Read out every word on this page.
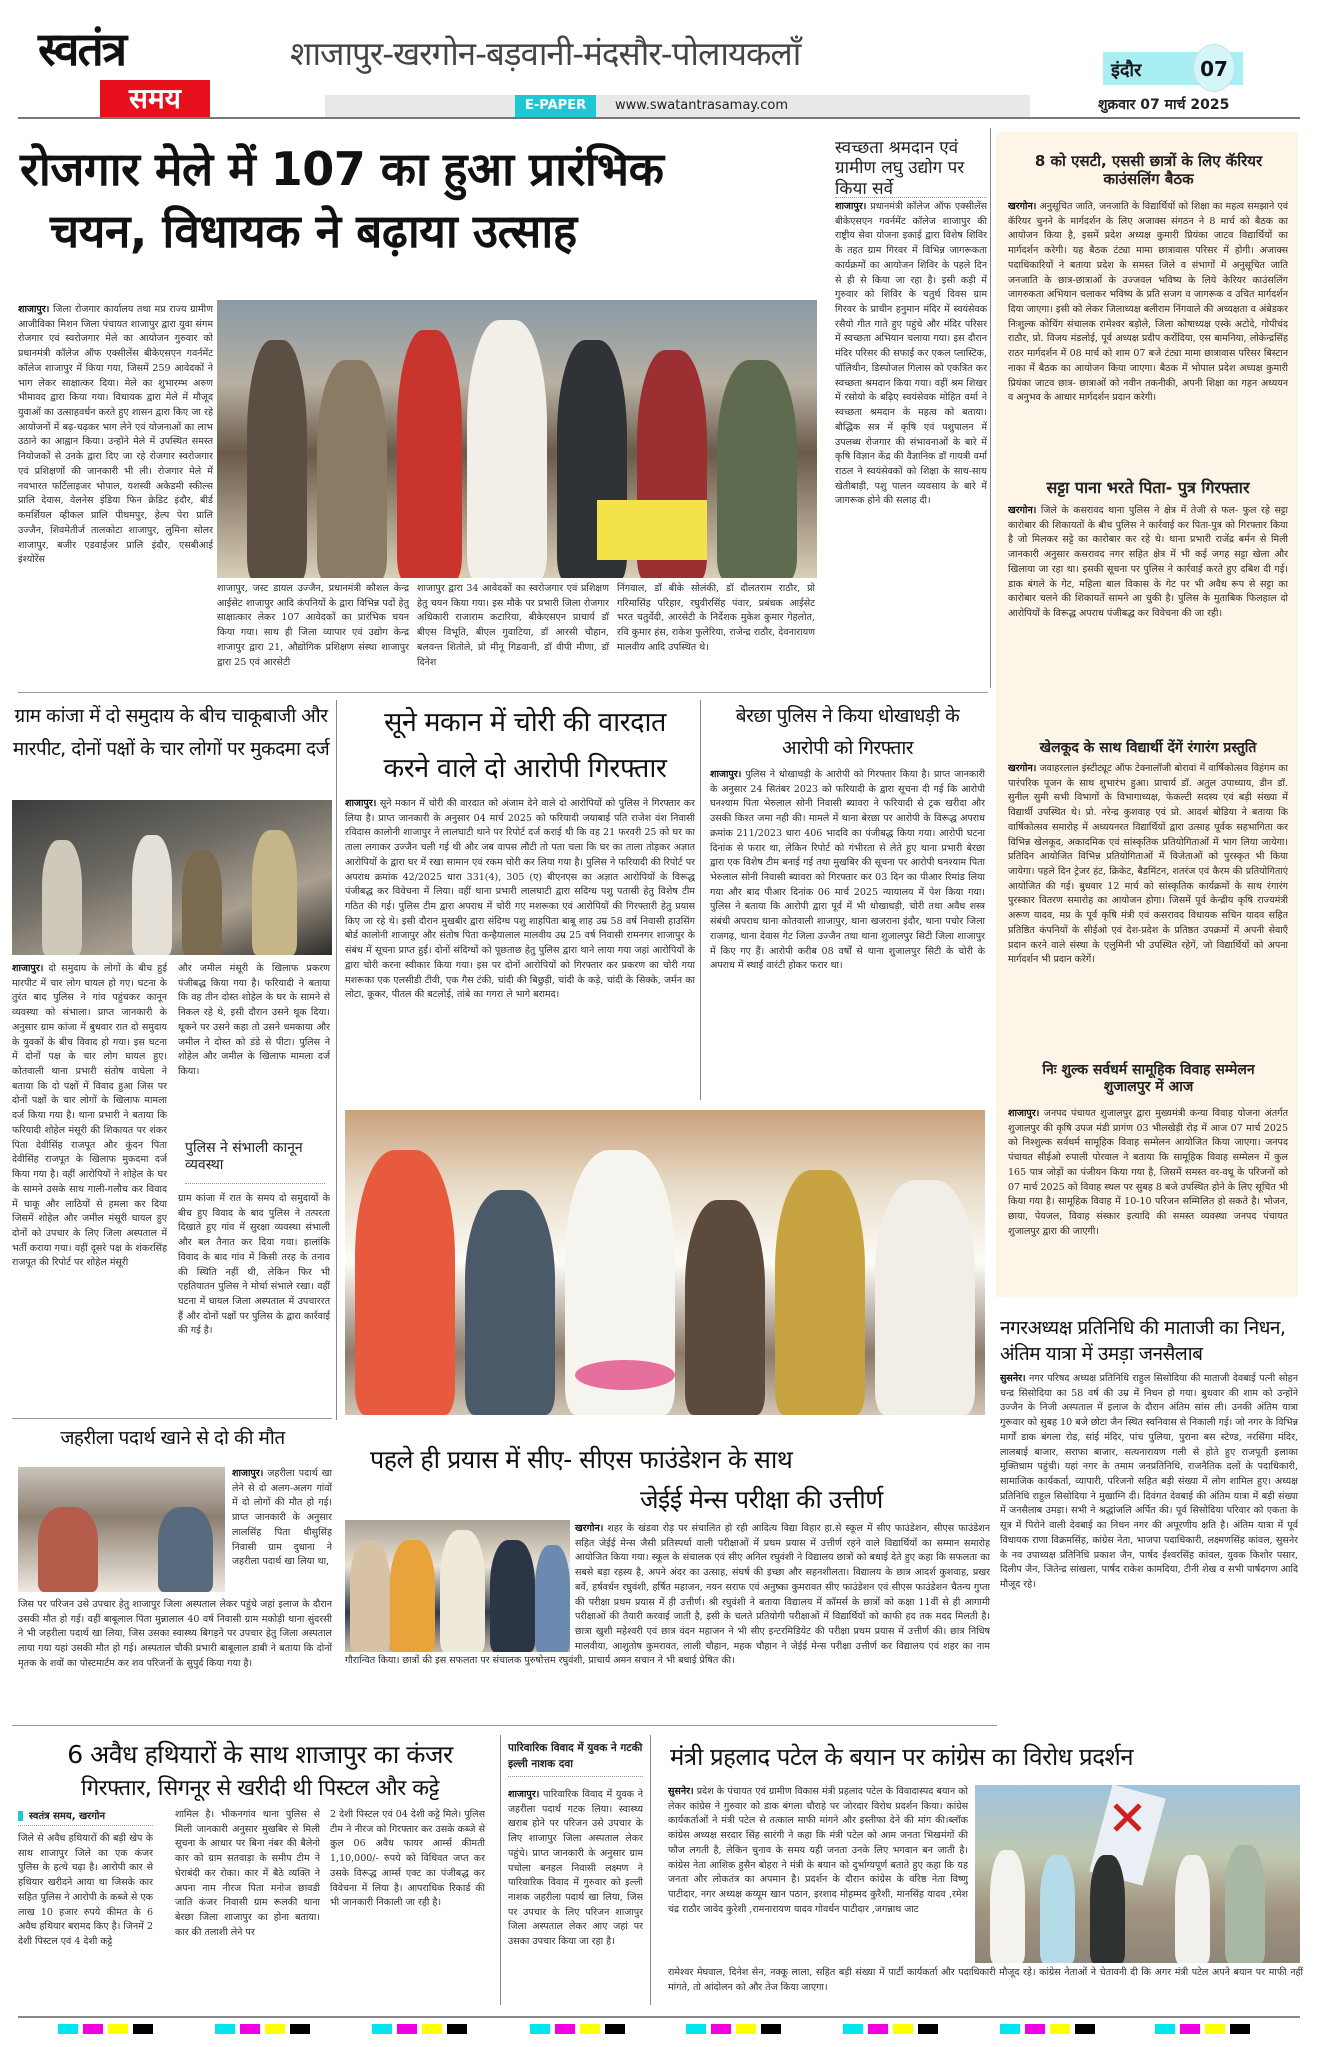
स्वतंत्र
समय
शाजापुर-खरगोन-बड़वानी-मंदसौर-पोलायकलाँ
E-PAPER	www.swatantrasamay.com
इंदौर	07
शुक्रवार 07 मार्च 2025
रोजगार मेले में 107 का हुआ प्रारंभिक
चयन, विधायक ने बढ़ाया उत्साह
शाजापुर। जिला रोजगार कार्यालय तथा मप्र राज्य ग्रामीण आजीविका मिशन जिला पंचायत शाजापुर द्वारा युवा संगम रोजगार एवं स्वरोजगार मेले का आयोजन गुरुवार को प्रधानमंत्री कॉलेज ऑफ एक्सीलेंस बीकेएसएन गवर्नमेंट कॉलेज शाजापुर में किया गया, जिसमें 259 आवेदकों ने भाग लेकर साक्षात्कर दिया। मेले का शुभारम्भ अरुण भीमावद द्वारा किया गया। विधायक द्वारा मेले में मौजूद युवाओं का उत्साहवर्धन करते हुए शासन द्वारा किए जा रहे आयोजनों में बढ़-चढ़कर भाग लेने एवं योजनाओं का लाभ उठाने का आह्वान किया। उन्होंने मेले में उपस्थित समस्त नियोजकों से उनके द्वारा दिए जा रहे रोजगार स्वरोजगार एवं प्रशिक्षणों की जानकारी भी ली। रोजगार मेले में नवभारत फर्टिलाइजर भोपाल, यशस्वी अकेडमी स्कील्स प्रालि देवास, वेलनेस इंडिया फिन क्रेडिट इंदौर, बीर्ड कमर्शियल व्हीकल प्रालि पीथमपुर, हेल्प पेरा प्रालि उज्जैन, शिवमेतीर्ज तालकोटा शाजापुर, लुमिना सोलर शाजापुर, बजीर एडवाईजर प्रालि इंदौर, एसबीआई इंश्योरेंस
शाजापुर, जस्ट डायल उज्जैन, प्रधानमंत्री कौशल केन्द्र आईसेट शाजापुर आदि कंपनियों के द्वारा विभिन्न पदों हेतु साक्षात्कार लेकर 107 आवेदकों का प्रारंभिक चयन किया गया। साथ ही जिला व्यापार एवं उद्योग केन्द्र शाजापुर द्वारा 21, औद्योगिक प्रशिक्षण संस्था शाजापुर द्वारा 25 एवं आरसेटी
शाजापुर द्वारा 34 आवेदकों का स्वरोजगार एवं प्रशिक्षण हेतु चयन किया गया। इस मौके पर प्रभारी जिला रोजगार अधिकारी राजाराम कटारिया, बीकेएसएन प्राचार्य डॉ बीएस विभूति, बीएल गुवाटिया, डॉ आरसी चौहान, बलवन्त शितोले, प्रो मीनू गिडवानी, डॉ वीपी मीणा, डॉ दिनेश
निंगवाल, डॉ बीके सोलंकी, डॉ दौलतराम राठौर, प्रो गरिमासिंह परिहार, रघुवीरसिंह पंवार, प्रबंधक आईसेट भरत चतुर्वेदी, आरसेटी के निर्देशक मुकेश कुमार गेहलोत, रवि कुमार हंस, राकेश फुलेरिया, राजेन्द्र राठौर, देवनारायण मालवीय आदि उपस्थित थे।
स्वच्छता श्रमदान एवं ग्रामीण लघु उद्योग पर किया सर्वे
शाजापुर। प्रधानमंत्री कॉलेज ऑफ एक्सीलेंस बीकेएसएन गवर्नमेंट कॉलेज शाजापुर की राष्ट्रीय सेवा योजना इकाई द्वारा विशेष शिविर के तहत ग्राम गिरवर में विभिन्न जागरूकता कार्यक्रमों का आयोजन शिविर के पहले दिन से ही से किया जा रहा है। इसी कड़ी में गुरुवार को शिविर के चतुर्थ दिवस ग्राम गिरवर के प्राचीन हनुमान मंदिर में स्वयंसेवक रसैयो गीत गाते हुए पहुंचे और मंदिर परिसर में स्वच्छता अभियान चलाया गया। इस दौरान मंदिर परिसर की सफाई कर एकल प्लास्टिक, पॉलिथीन, डिस्पोजल गिलास को एकत्रित कर स्वच्छता श्रमदान किया गया। वहीं श्रम शिखर में रसोयो के बढ़िए स्वयंसेवक मोहित वर्मा ने स्वच्छता श्रमदान के महत्व को बताया। बौद्धिक सत्र में कृषि एवं पशुपालन में उपलब्ध रोजगार की संभावनाओं के बारे में कृषि विज्ञान केंद्र की वैज्ञानिक डॉ गायत्री वर्मा राठल ने स्वयंसेवकों को शिक्षा के साथ-साथ खेतीबाड़ी, पशु पालन व्यवसाय के बारे में जागरूक होने की सलाह दी।
8 को एसटी, एससी छात्रों के लिए कॅरियर काउंसलिंग बैठक
खरगोन। अनुसूचित जाति, जनजाति के विद्यार्थियों को शिक्षा का महत्व समझाने एवं कॅरियर चुनने के मार्गदर्शन के लिए अजाक्स संगठन ने 8 मार्च को बैठक का आयोजन किया है, इसमें प्रदेश अध्यक्ष कुमारी प्रियंका जाटव विद्यार्थियों का मार्गदर्शन करेगी। यह बैठक टंट्या मामा छात्रावास परिसर में होगी। अजाक्स पदाधिकारियों ने बताया प्रदेश के समस्त जिले व संभागों में अनुसूचित जाति जनजाति के छात्र-छात्राओं के उज्जवल भविष्य के लिये केरियर काउंसलिंग जागरुकता अभियान चलाकर भविष्य के प्रति सजग व जागरूक व उचित मार्गदर्शन दिया जाएगा। इसी को लेकर जिलाध्यक्ष बलीराम निंगवाले की अध्यक्षता व अंबेडकर निःशुल्क कोचिंग संचालक रामेश्वर बड़ोले, जिला कोषाध्यक्ष एस्के अटोदे, गोपीचंद राठौर, प्रो. विजय मंडलोई, पूर्व अध्यक्ष प्रदीप करोंदिया, एस बामनिया, लोकेन्द्रसिंह राठर मार्गदर्शन में 08 मार्च को शाम 07 बजे टंट्या मामा छात्रावास परिसर बिस्टान नाका में बैठक का आयोजन किया जाएगा। बैठक में भोपाल प्रदेश अध्यक्ष कुमारी प्रियंका जाटव छात्र- छात्राओं को नवीन तकनीकी, अपनी शिक्षा का गहन अध्ययन व अनुभव के आधार मार्गदर्शन प्रदान करेगी।
सट्टा पाना भरते पिता- पुत्र गिरफ्तार
खरगोन। जिले के कसरावद थाना पुलिस ने क्षेत्र में तेजी से फल- फुल रहे सट्टा कारोबार की शिकायतों के बीच पुलिस ने कार्रवाई कर पिता-पुत्र को गिरफ्तार किया है जो मिलकर सट्टे का कारोबार कर रहे थे। थाना प्रभारी राजेंद्र बर्मन से मिली जानकारी अनुसार कसरावद नगर सहित क्षेत्र में भी कई जगह सट्टा खेला और खिलाया जा रहा था। इसकी सूचना पर पुलिस ने कार्रवाई करते हुए दबिश दी गई। डाक बंगले के गेट, महिला बाल विकास के गेट पर भी अवैध रूप से सट्टा का कारोबार चलने की शिकायतें सामने आ चुकी है। पुलिस के मुताबिक फिलहाल दो आरोपियों के विरूद्ध अपराध पंजीबद्ध कर विवेचना की जा रही।
खेलकूद के साथ विद्यार्थी देंगें रंगारंग प्रस्तुति
खरगोन। जवाहरलाल इंस्टीट्यूट ऑफ टेक्नालॉजी बोरावां में वार्षिकोत्सव विहंगम का पारंपरिक पूजन के साथ शुभारंभ हुआ। प्राचार्य डॉ. अतुल उपाध्याय, डीन डॉ. सुनील सुमी सभी विभागों के विभागाध्यक्ष, फेकल्टी सदस्य एवं बड़ी संख्या में विद्यार्थी उपस्थित थे। प्रो. नरेन्द्र कुशवाह एवं प्रो. आदर्श बोडिया ने बताया कि वार्षिकोत्सव समारोह में अध्ययनरत विद्यार्थियों द्वारा उत्साह पूर्वक सहभागिता कर विभिन्न खेलकूद, अकादमिक एवं सांस्कृतिक प्रतियोगिताओं में भाग लिया जायेगा। प्रतिदिन आयोजित विभिन्न प्रतियोगिताओं में विजेताओं को पुरस्कृत भी किया जायेगा। पहले दिन ट्रेजर हंट, क्रिकेट, बैडमिंटन, शतरंज एवं कैरम की प्रतियोगिताएं आयोजित की गई। बुधवार 12 मार्च को सांस्कृतिक कार्यक्रमों के साथ रंगारंग पुरस्कार वितरण समारोह का आयोजन होगा। जिसमें पूर्व केन्द्रीय कृषि राज्यमंत्री अरूण यादव, मप्र के पूर्व कृषि मंत्री एवं कसरावद विधायक सचिन यादव सहित प्रतिष्ठित कंपनियों के सीईओ एवं देश-प्रदेश के प्रतिष्ठत उपक्रमों में अपनी सेवाएँ प्रदान करने वाले संस्था के एलुमिनी भी उपस्थित रहेगें, जो विद्यार्थियों को अपना मार्गदर्शन भी प्रदान करेगें।
निः शुल्क सर्वधर्म सामूहिक विवाह सम्मेलन शुजालपुर में आज
शाजापुर। जनपद पंचायत शुजालपुर द्वारा मुख्यमंत्री कन्या विवाह योजना अंतर्गत शुजालपुर की कृषि उपज मंडी प्रागंण 03 भीलखेड़ी रोड़ में आज 07 मार्च 2025 को निश्शुल्क सर्वधर्म सामूहिक विवाह सम्मेलन आयोजित किया जाएगा। जनपद पंचायत सीईओ रुपाली पोरवाल ने बताया कि सामूहिक विवाह सम्मेलन में कुल 165 पात्र जोड़ों का पंजीयन किया गया है, जिसमें समस्त वर-वधू के परिजनों को 07 मार्च 2025 को विवाह स्थल पर सुबह 8 बजे उपस्थित होने के लिए सूचित भी किया गया है। सामूहिक विवाह में 10-10 परिजन सम्मिलित हो सकते है। भोजन, छाया, पेयजल, विवाह संस्कार इत्यादि की समस्त व्यवस्था जनपद पंचायत शुजालपुर द्वारा की जाएगी।
नगरअध्यक्ष प्रतिनिधि की माताजी का निधन, अंतिम यात्रा में उमड़ा जनसैलाब
सुसनेर। नगर परिषद अध्यक्ष प्रतिनिधि राहुल सिसोदिया की माताजी देवबाई पत्नी सोहन चन्द्र सिसोदिया का 58 वर्ष की उम्र में निधन हो गया। बुधवार की शाम को उन्होंने उज्जैन के निजी अस्पताल में इलाज के दौरान अंतिम सांस ली। उनकी अंतिम यात्रा गुरूवार को सुबह 10 बजे छोटा जैन स्थित स्वनिवास से निकाली गई। जो नगर के विभिन्न मार्गों डाक बंगला रोड, सांई मंदिर, पांच पुलिया, पुराना बस स्टेण्ड, नरसिंगा मंदिर, लालबाई बाजार, सराफा बाजार, सत्यनारायण गली से होते हुए राजपूती इलाका मुक्तिधाम पहुंची। यहां नगर के तमाम जनप्रतिनिधि, राजनैतिक दलों के पदाधिकारी, सामाजिक कार्यकर्ता, व्यापारी, परिजनो सहित बड़ी संख्या में लोग शामिल हुए। अध्यक्ष प्रतिनिधि राहुल सिसोदिया ने मुखाग्नि दी। दिवंगत देवबाई की अंतिम यात्रा में बड़ी संख्या में जनसैलाब उमड़ा। सभी ने श्रद्धांजलि अर्पित की। पूर्व सिसोदिया परिवार को एकता के सूत्र में पिरोने वाली देवबाई का निधन नगर की अपूरणीय क्षति है। अंतिम यात्रा में पूर्व विधायक राणा विक्रमसिंह, कांग्रेस नेता, भाजपा पदाधिकारी, लक्ष्मणसिंह कांवल, सुसनेर के नव उपाध्यक्ष प्रतिनिधि प्रकाश जैन, पार्षद ईश्वरसिंह कांवल, युवक किशोर पसार, दिलीप जैन, जितेन्द्र सांखला, पार्षद राकेश कामदिया, टीनी शेख व सभी पार्षदगण आदि मौजूद रहे।
ग्राम कांजा में दो समुदाय के बीच चाकूबाजी और मारपीट, दोनों पक्षों के चार लोगों पर मुकदमा दर्ज
शाजापुर। दो समुदाय के लोगों के बीच हुई मारपीट में चार लोग घायल हो गए। घटना के तुरंत बाद पुलिस ने गांव पहुंचकर कानून व्यवस्था को संभाला। प्राप्त जानकारी के अनुसार ग्राम कांजा में बुधवार रात दो समुदाय के युवकों के बीच विवाद हो गया। इस घटना में दोनों पक्ष के चार लोग घायल हुए। कोतवाली थाना प्रभारी संतोष वाघेला ने बताया कि दो पक्षों में विवाद हुआ जिस पर दोनों पक्षों के चार लोगों के खिलाफ मामला दर्ज किया गया है। थाना प्रभारी ने बताया कि फरियादी शोहेल मंसूरी की शिकायत पर शंकर पिता देवीसिंह राजपूत और कुंदन पिता देवीसिंह राजपूत के खिलाफ मुकदमा दर्ज किया गया है। वहीं आरोपियों ने शोहेल के घर के सामने उसके साथ गाली-गलौच कर विवाद में चाकू और लाठियों से हमला कर दिया जिसमें शोहेल और जमील मंसूरी घायल हुए दोनों को उपचार के लिए जिला अस्पताल में भर्ती कराया गया। वहीं दूसरे पक्ष के शंकरसिंह राजपूत की रिपोर्ट पर शोहेल मंसूरी
और जमील मंसूरी के खिलाफ प्रकरण पंजीबद्ध किया गया है। फरियादी ने बताया कि वह तीन दोस्त शोहेल के घर के सामने से निकल रहे थे, इसी दौरान उसने थूक दिया। थूकने पर उसने कहा तो उसने धमकाया और जमील ने दोस्त को डंडे से पीटा। पुलिस ने शोहेल और जमील के खिलाफ मामला दर्ज किया।
पुलिस ने संभाली कानून व्यवस्था
ग्राम कांजा में रात के समय दो समुदायों के बीच हुए विवाद के बाद पुलिस ने तत्परता दिखाते हुए गांव में सुरक्षा व्यवस्था संभाली और बल तैनात कर दिया गया। हालांकि विवाद के बाद गांव में किसी तरह के तनाव की स्थिति नहीं थी, लेकिन फिर भी एहतियातन पुलिस ने मोर्चा संभाले रखा। वहीं घटना में घायल जिला अस्पताल में उपचाररत हैं और दोनों पक्षों पर पुलिस के द्वारा कार्रवाई की गई है।
सूने मकान में चोरी की वारदात
करने वाले दो आरोपी गिरफ्तार
शाजापुर। सूने मकान में चोरी की वारदात को अंजाम देने वाले दो आरोपियों को पुलिस ने गिरफ्तार कर लिया है। प्राप्त जानकारी के अनुसार 04 मार्च 2025 को फरियादी जयाबाई पति राजेश वंश निवासी रविदास कालोनी शाजापुर ने लालघाटी थाने पर रिपोर्ट दर्ज कराई थी कि वह 21 फरवरी 25 को घर का ताला लगाकर उज्जैन चली गई थी और जब वापस लौटी तो पता चला कि घर का ताला तोड़कर अज्ञात आरोपियों के द्वारा घर में रखा सामान एवं रकम चोरी कर लिया गया है। पुलिस ने फरियादी की रिपोर्ट पर अपराध क्रमांक 42/2025 धारा 331(4), 305 (ए) बीएनएस का अज्ञात आरोपियों के विरूद्ध पंजीबद्ध कर विवेचना में लिया। वहीं थाना प्रभारी लालघाटी द्वारा सदिग्ध पशु पतासी हेतु विशेष टीम गठित की गई। पुलिस टीम द्वारा अपराध में चोरी गए मशरूका एवं आरोपियों की गिरफ्तारी हेतु प्रयास किए जा रहे थे। इसी दौरान मुखबीर द्वारा संदिग्ध पशु शाहपिता बाबू शाह उम्र 58 वर्ष निवासी हाउसिंग बोर्ड कालोनी शाजापुर और संतोष पिता कन्हैयालाल मालवीय उम्र 25 वर्ष निवासी रामनगर शाजापुर के संबंध में सूचना प्राप्त हुई। दोनों संदिग्धों को पूछताछ हेतु पुलिस द्वारा थाने लाया गया जहां आरोपियों के द्वारा चोरी करना स्वीकार किया गया। इस पर दोनों आरोपियों को गिरफ्तार कर प्रकरण का चोरी गया मशरूका एक एलसीडी टीवी, एक गैस टंकी, चांदी की बिछुड़ी, चांदी के कड़े, चांदी के सिक्के, जर्मन का लोटा, कूकर, पीतल की बटलोई, तांबे का गगरा ले भागे बरामद।
बेरछा पुलिस ने किया धोखाधड़ी के आरोपी को गिरफ्तार
शाजापुर। पुलिस ने धोखाधड़ी के आरोपी को गिरफ्तार किया है। प्राप्त जानकारी के अनुसार 24 सितंबर 2023 को फरियादी के द्वारा सूचना दी गई कि आरोपी घनश्याम पिता भेरुलाल सोनी निवासी ब्यावरा ने फरियादी से ट्रक खरीदा और उसकी किश्त जमा नही की। मामले में थाना बेरछा पर आरोपी के विरूद्ध अपराध क्रमांक 211/2023 धारा 406 भादवि का पंजीबद्ध किया गया। आरोपी घटना दिनांक से फरार था, लेकिन रिपोर्ट को गंभीरता से लेते हुए थाना प्रभारी बेरछा द्वारा एक विशेष टीम बनाई गई तथा मुखबिर की सूचना पर आरोपी घनश्याम पिता भेरुलाल सोनी निवासी ब्यावरा को गिरफ्तार कर 03 दिन का पीआर रिमांड लिया गया और बाद पीआर दिनांक 06 मार्च 2025 न्यायालय में पेश किया गया। पुलिस ने बताया कि आरोपी द्वारा पूर्व में भी धोखाधड़ी, चोरी तथा अवैध शस्त्र संबंधी अपराध थाना कोतवाली शाजापुर, थाना खजराना इंदौर, थाना पचोर जिला राजगढ़, थाना देवास गेट जिला उज्जैन तथा थाना शुजालपुर सिटी जिला शाजापुर में किए गए हैं। आरोपी करीब 08 वर्षों से थाना शुजालपुर सिटी के चोरी के अपराध में स्थाई वारंटी होकर फरार था।
जहरीला पदार्थ खाने से दो की मौत
शाजापुर। जहरीला पदार्थ खा लेने से दो अलग-अलग गांवों में दो लोगों की मौत हो गई। प्राप्त जानकारी के अनुसार लालसिंह पिता धीसुसिंह निवासी ग्राम दुधाना ने जहरीला पदार्थ खा लिया था,
जिस पर परिजन उसे उपचार हेतु शाजापुर जिला अस्पताल लेकर पहुंचे जहां इलाज के दौरान उसकी मौत हो गई। वहीं बाबूलाल पिता मुन्नालाल 40 वर्ष निवासी ग्राम मकोड़ी थाना सुंदरसी ने भी जहरीला पदार्थ खा लिया, जिस उसका स्वास्थ्य बिगड़ने पर उपचार हेतु जिला अस्पताल लाया गया यहां उसकी मौत हो गई। अस्पताल चौकी प्रभारी बाबूलाल डाबी ने बताया कि दोनों मृतक के शवों का पोस्टमार्टम कर शव परिजनों के सुपुर्द किया गया है।
पहले ही प्रयास में सीए- सीएस फाउंडेशन के साथ
जेईई मेन्स परीक्षा की उत्तीर्ण
खरगोन। शहर के खंडवा रोड़ पर संचालित हो रही आदित्य विद्या विहार हा.से स्कूल में सीए फाउंडेशन, सीएस फाउंडेशन सहित जेईई मेन्स जैसी प्रतिस्पर्धा वाली परीक्षाओं में प्रथम प्रयास में उत्तीर्ण रहने वाले विद्यार्थियों का सम्मान समारोह आयोजित किया गया। स्कूल के संचालक एवं सीए अनिल रघुवंशी ने विद्यालय छात्रों को बधाई देते हुए कहा कि सफलता का सबसे बड़ा रहस्य है, अपने अंदर का उत्साह, संघर्ष की इच्छा और सहनशीलता। विद्यालय के छात्र आदर्श कुशवाह, प्रखर बर्वे, हर्षवर्धन रघुवंशी, हर्षित महाजन, नयन सराफ एवं अनुष्का कुमरावत सीए फाउंडेशन एवं सीएस फाउंडेशन चैतन्य गुप्ता की परीक्षा प्रथम प्रयास में ही उत्तीर्ण। श्री रघुवंशी ने बताया विद्यालय में कॉमर्स के छात्रों को कक्षा 11वीं से ही आगामी परीक्षाओं की तैयारी करवाई जाती है, इसी के चलते प्रतियोगी परीक्षाओं में विद्यार्थियों को काफी हद तक मदद मिलती है। छात्रा खुशी महेश्वरी एवं छात्र वंदन महाजन ने भी सीए इन्टरमिडियेट की परीक्षा प्रथम प्रयास में उत्तीर्ण की। छात्र निधिष मालवीया, आशुतोष कुमरावत, लाली चौहान, महक चौहान ने जेईई मेन्स परीक्षा उत्तीर्ण कर विद्यालय एवं शहर का नाम गौरान्वित किया। छात्रों की इस सफलता पर संचालक पुरुषोत्तम रघुवंशी, प्राचार्य अमन सचान ने भी बधाई प्रेषित की।
6 अवैध हथियारों के साथ शाजापुर का कंजर
गिरफ्तार, सिगनूर से खरीदी थी पिस्टल और कट्टे
स्वतंत्र समय, खरगोन
जिले से अवैध हथियारों की बड़ी खेप के साथ शाजापुर जिले का एक कंजर पुलिस के हत्थे चढ़ा है। आरोपी कार से हथियार खरीदने आया था जिसके कार सहित पुलिस ने आरोपी के कब्जे से एक लाख 10 हजार रुपये कीमत के 6 अवैध हथियार बरामद किए है। जिनमें 2 देशी पिस्टल एवं 4 देशी कट्टे
शामिल है। भीकनगांव थाना पुलिस से मिली जानकारी अनुसार मुखबिर से मिली सूचना के आधार पर बिना नंबर की बैलेनो कार को ग्राम सतवाड़ा के समीप टीम ने घेराबंदी कर रोका। कार में बैठे व्यक्ति ने अपना नाम नीरज पिता मनोज छावडी जाति कंजर निवासी ग्राम रूलकी थाना बेरछा जिला शाजापुर का होना बताया। कार की तलाशी लेने पर
2 देशी पिस्टल एवं 04 देशी कट्टे मिले। पुलिस टीम ने नीरज को गिरफ्तार कर उसके कब्जे से कुल 06 अवैध फायर आर्म्स कीमती 1,10,000/- रुपये को विधिवत जप्त कर उसके विरूद्ध आर्म्स एक्ट का पंजीबद्ध कर विवेचना में लिया है। आपराधिक रिकार्ड की भी जानकारी निकाली जा रही है।
पारिवारिक विवाद में युवक ने गटकी इल्ली नाशक दवा
शाजापुर। पारिवारिक विवाद में युवक ने जहरीला पदार्थ गटक लिया। स्वास्थ्य खराब होने पर परिजन उसे उपचार के लिए शाजापुर जिला अस्पताल लेकर पहुंचे। प्राप्त जानकारी के अनुसार ग्राम पचोला बनहल निवासी लक्ष्मण ने पारिवारिक विवाद में गुरुवार को इल्ली नाशक जहरीला पदार्थ खा लिया, जिस पर उपचार के लिए परिजन शाजापुर जिला अस्पताल लेकर आए जहां पर उसका उपचार किया जा रहा है।
मंत्री प्रहलाद पटेल के बयान पर कांग्रेस का विरोध प्रदर्शन
सुसनेर। प्रदेश के पंचायत एवं ग्रामीण विकास मंत्री प्रहलाद पटेल के विवादास्पद बयान को लेकर कांग्रेस ने गुरुवार को डाक बंगला चौराहे पर जोरदार विरोध प्रदर्शन किया। कांग्रेस कार्यकर्ताओं ने मंत्री पटेल से तत्काल माफी मांगने और इस्तीफा देने की मांग की।ब्लॉक कांग्रेस अध्यक्ष सरदार सिंह सारंगी ने कहा कि मंत्री पटेल को आम जनता भिखमंगों की फौज लगती है, लेकिन चुनाव के समय यही जनता उनके लिए भगवान बन जाती है। कांग्रेस नेता आशिक हुसैन बोहरा ने मंत्री के बयान को दुर्भाग्यपूर्ण बताते हुए कहा कि यह जनता और लोकतंत्र का अपमान है। प्रदर्शन के दौरान कांग्रेस के वरिष्ठ नेता विष्णु पाटीदार, नगर अध्यक्ष कय्यूम खान पठान, इरशाद मोहम्मद कुरैशी, मानसिंह यादव ,रमेश चंद्र राठौर जावेद कुरेशी ,रामनारायण यादव गोवर्धन पाटीदार ,जगन्नाथ जाट
रामेश्वर मेघवाल, दिनेश सेन, नक्कू लाला, सहित बड़ी संख्या में पार्टी कार्यकर्ता और पदाधिकारी मौजूद रहे। कांग्रेस नेताओं ने चेतावनी दी कि अगर मंत्री पटेल अपने बयान पर माफी नहीं मांगते, तो आंदोलन को और तेज किया जाएगा।
